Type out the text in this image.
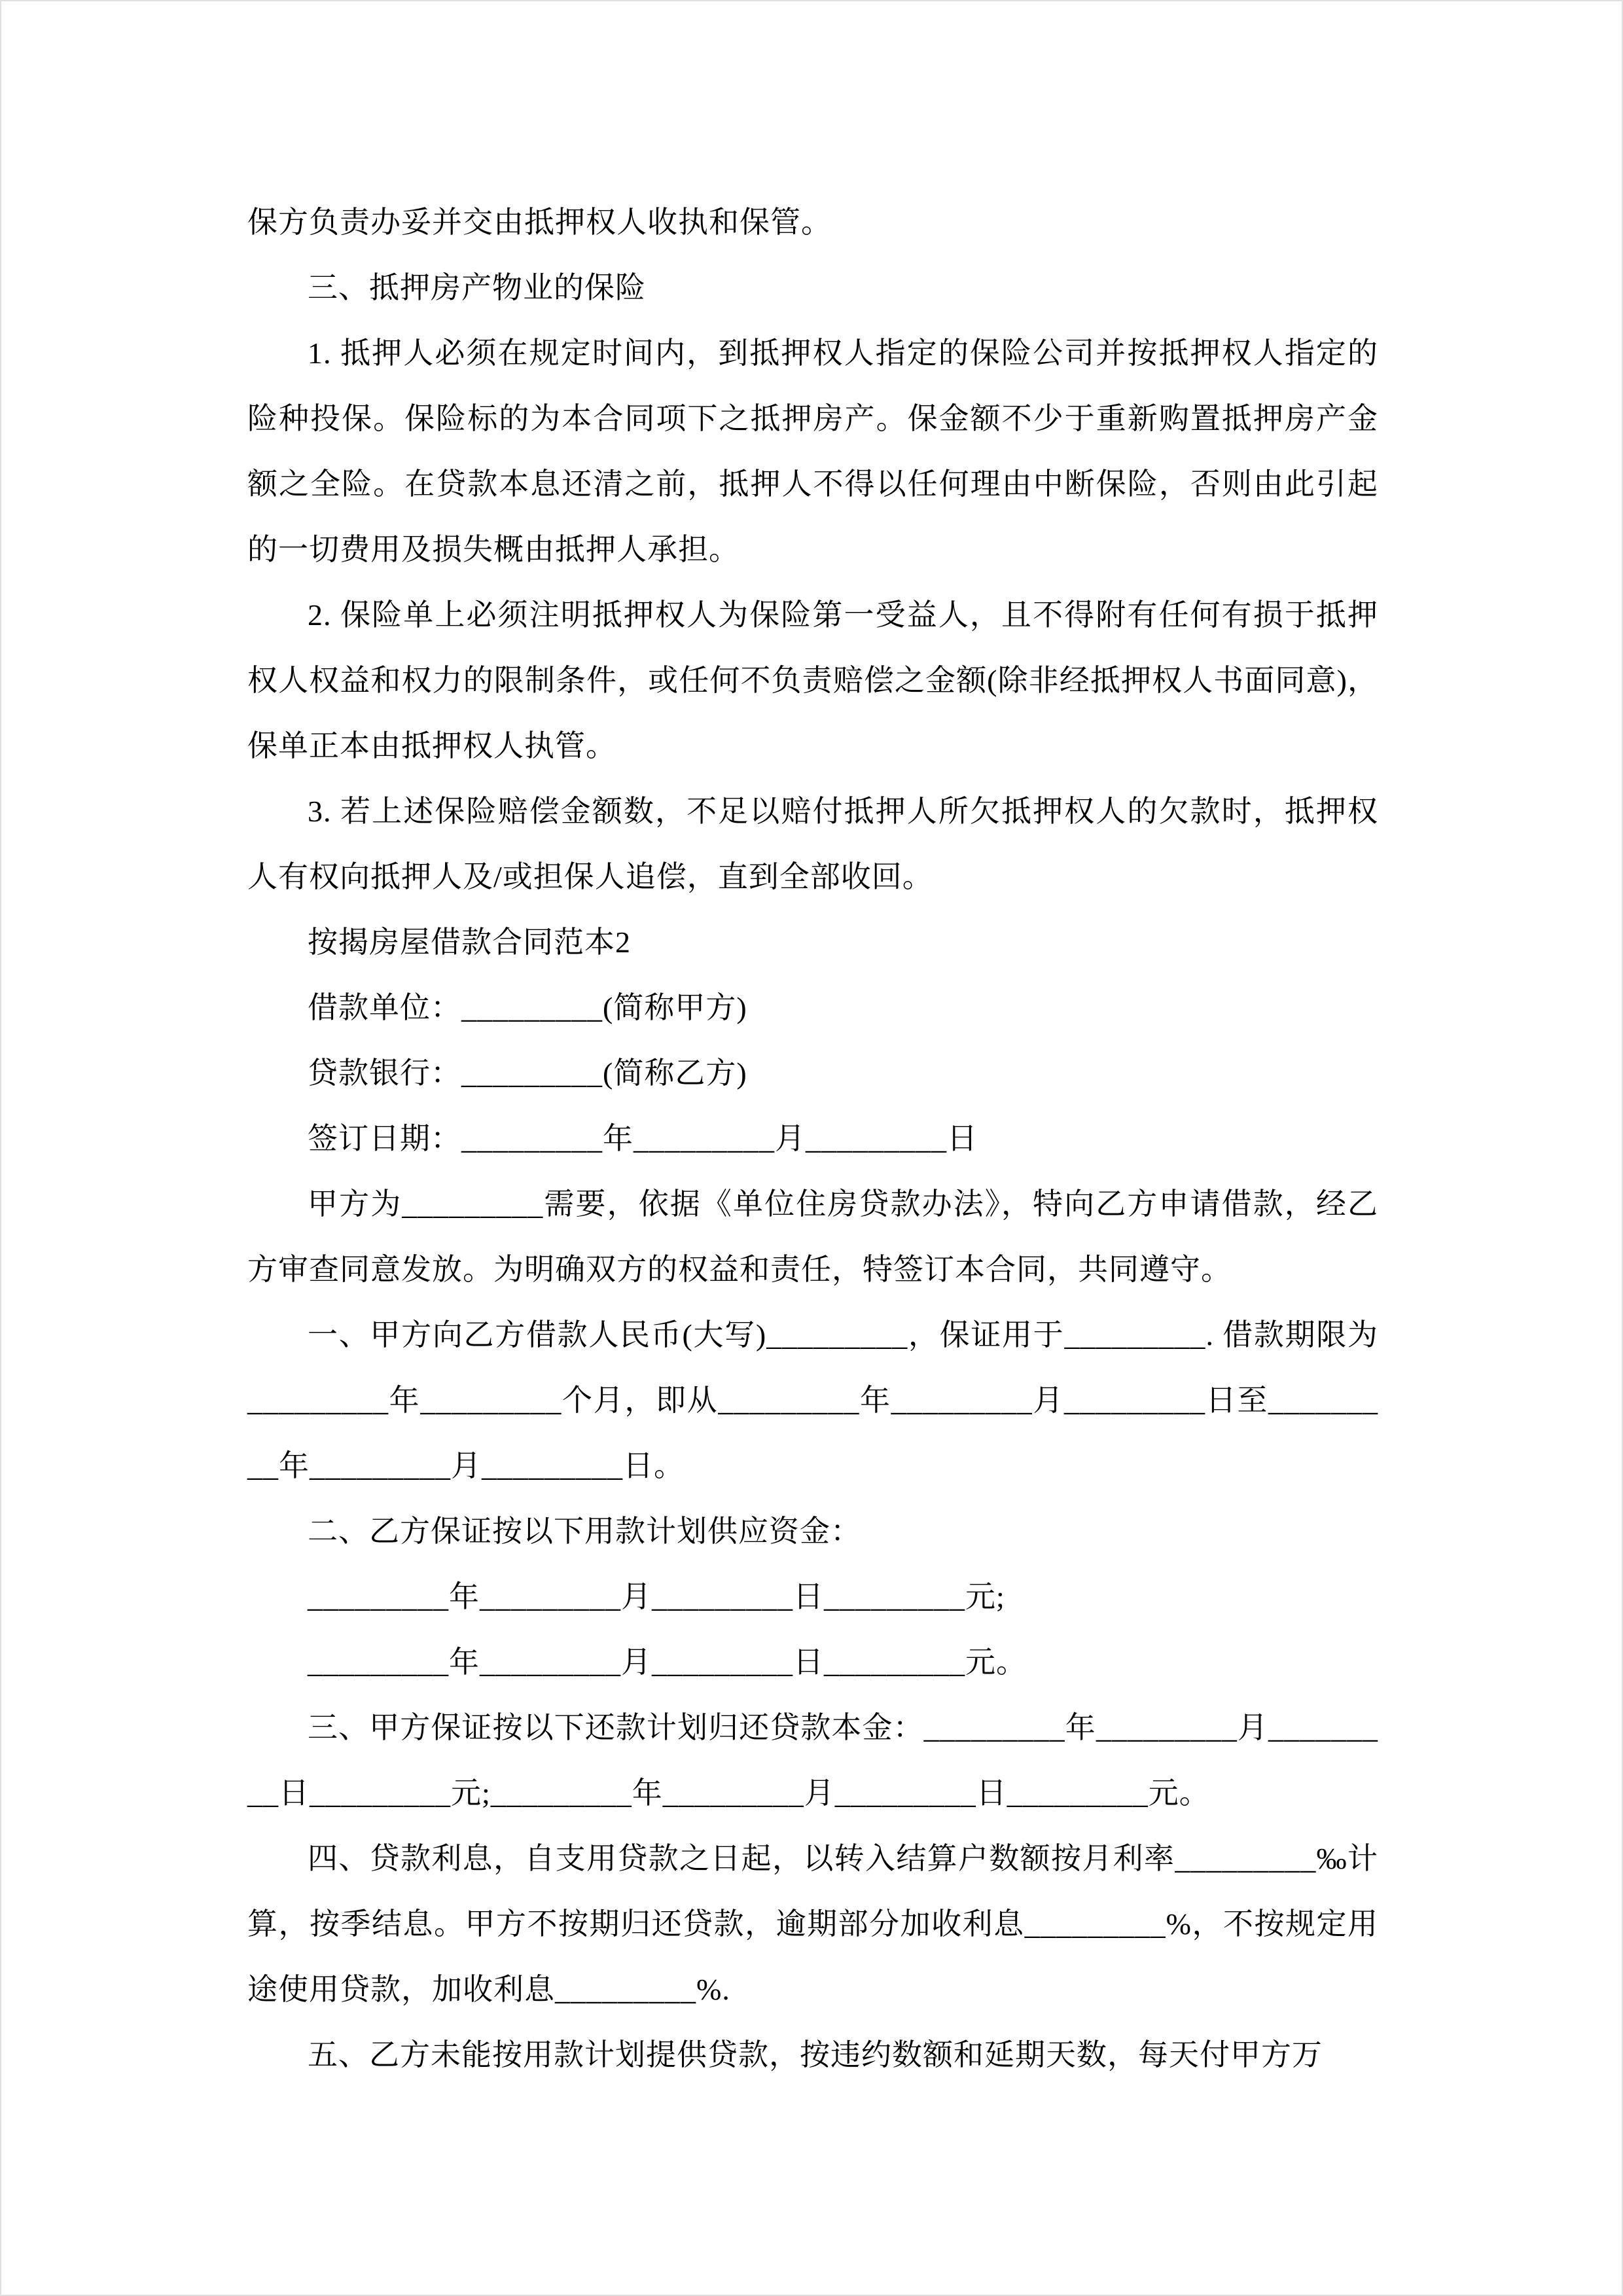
保方负责办妥并交由抵押权人收执和保管。

三、抵押房产物业的保险

1. 抵押人必须在规定时间内，到抵押权人指定的保险公司并按抵押权人指定的险种投保。保险标的为本合同项下之抵押房产。保金额不少于重新购置抵押房产金额之全险。在贷款本息还清之前，抵押人不得以任何理由中断保险，否则由此引起的一切费用及损失概由抵押人承担。

2. 保险单上必须注明抵押权人为保险第一受益人，且不得附有任何有损于抵押权人权益和权力的限制条件，或任何不负责赔偿之金额(除非经抵押权人书面同意)，保单正本由抵押权人执管。

3. 若上述保险赔偿金额数，不足以赔付抵押人所欠抵押权人的欠款时，抵押权人有权向抵押人及/或担保人追偿，直到全部收回。

按揭房屋借款合同范本2

借款单位：_________(简称甲方)

贷款银行：_________(简称乙方)

签订日期：_________年_________月_________日

甲方为_________需要，依据《单位住房贷款办法》，特向乙方申请借款，经乙方审查同意发放。为明确双方的权益和责任，特签订本合同，共同遵守。

一、甲方向乙方借款人民币(大写)_________，保证用于_________. 借款期限为_________年_________个月，即从_________年_________月_________日至_________年_________月_________日。

二、乙方保证按以下用款计划供应资金：

_________年_________月_________日_________元;

_________年_________月_________日_________元。

三、甲方保证按以下还款计划归还贷款本金：_________年_________月_________日_________元;_________年_________月_________日_________元。

四、贷款利息，自支用贷款之日起，以转入结算户数额按月利率_________‰计算，按季结息。甲方不按期归还贷款，逾期部分加收利息_________%，不按规定用途使用贷款，加收利息_________%.

五、乙方未能按用款计划提供贷款，按违约数额和延期天数，每天付甲方万
